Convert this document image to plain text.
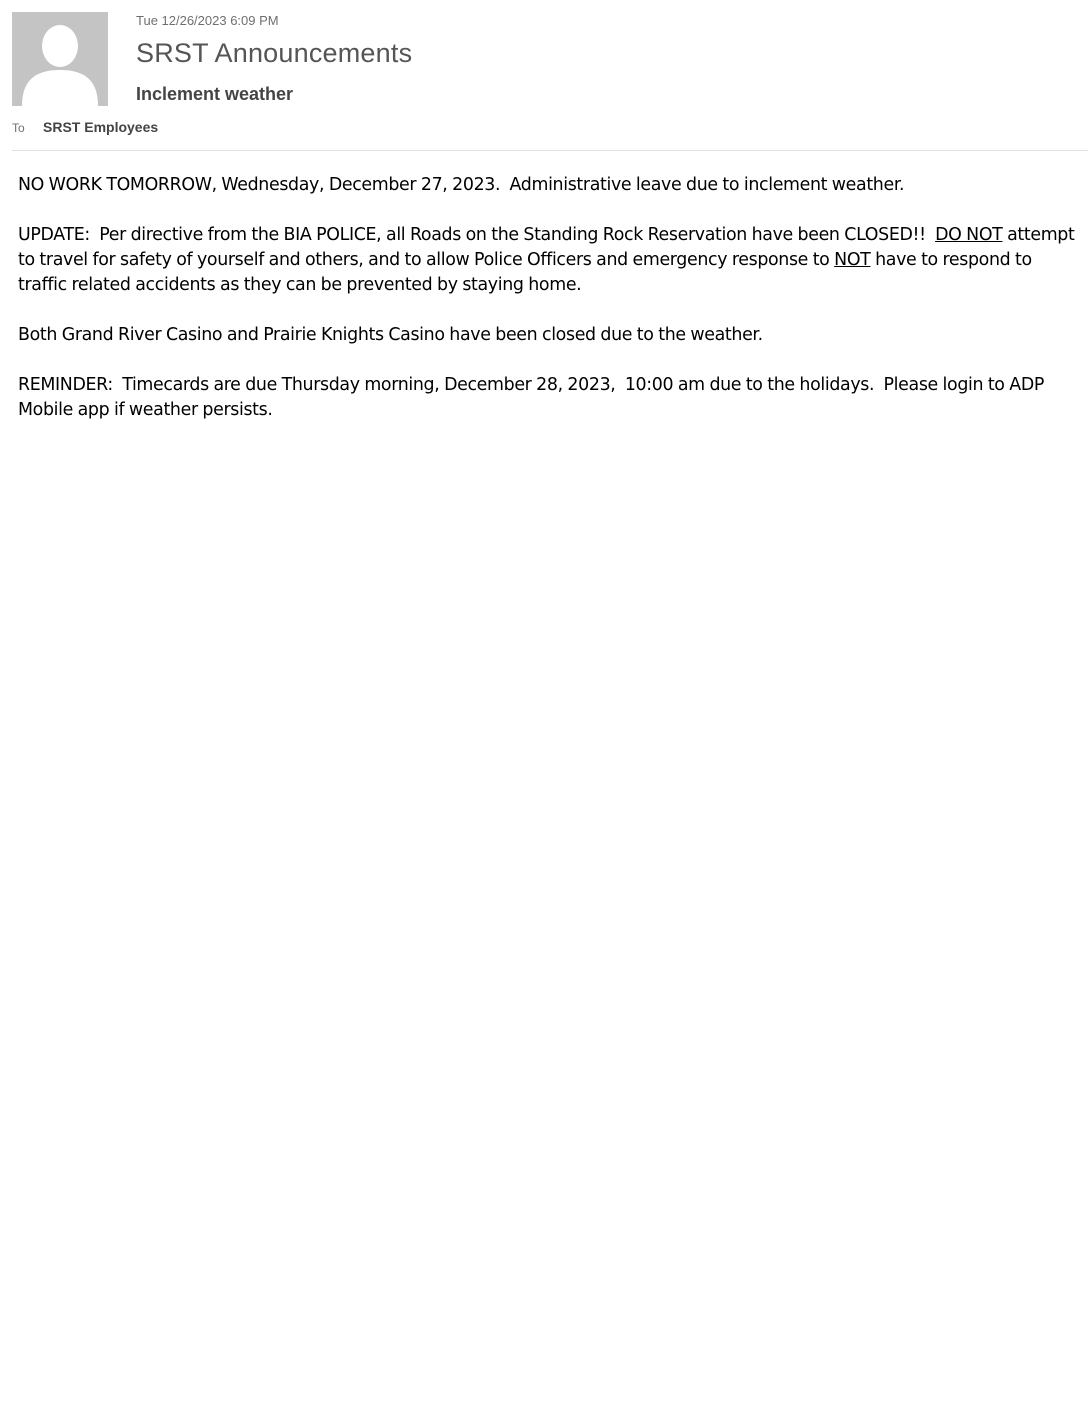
Tue 12/26/2023 6:09 PM
SRST Announcements
Inclement weather
To SRST Employees

NO WORK TOMORROW, Wednesday, December 27, 2023.  Administrative leave due to inclement weather.

UPDATE:  Per directive from the BIA POLICE, all Roads on the Standing Rock Reservation have been CLOSED!!  DO NOT attempt to travel for safety of yourself and others, and to allow Police Officers and emergency response to NOT have to respond to traffic related accidents as they can be prevented by staying home.

Both Grand River Casino and Prairie Knights Casino have been closed due to the weather.

REMINDER:  Timecards are due Thursday morning, December 28, 2023,  10:00 am due to the holidays.  Please login to ADP Mobile app if weather persists.
